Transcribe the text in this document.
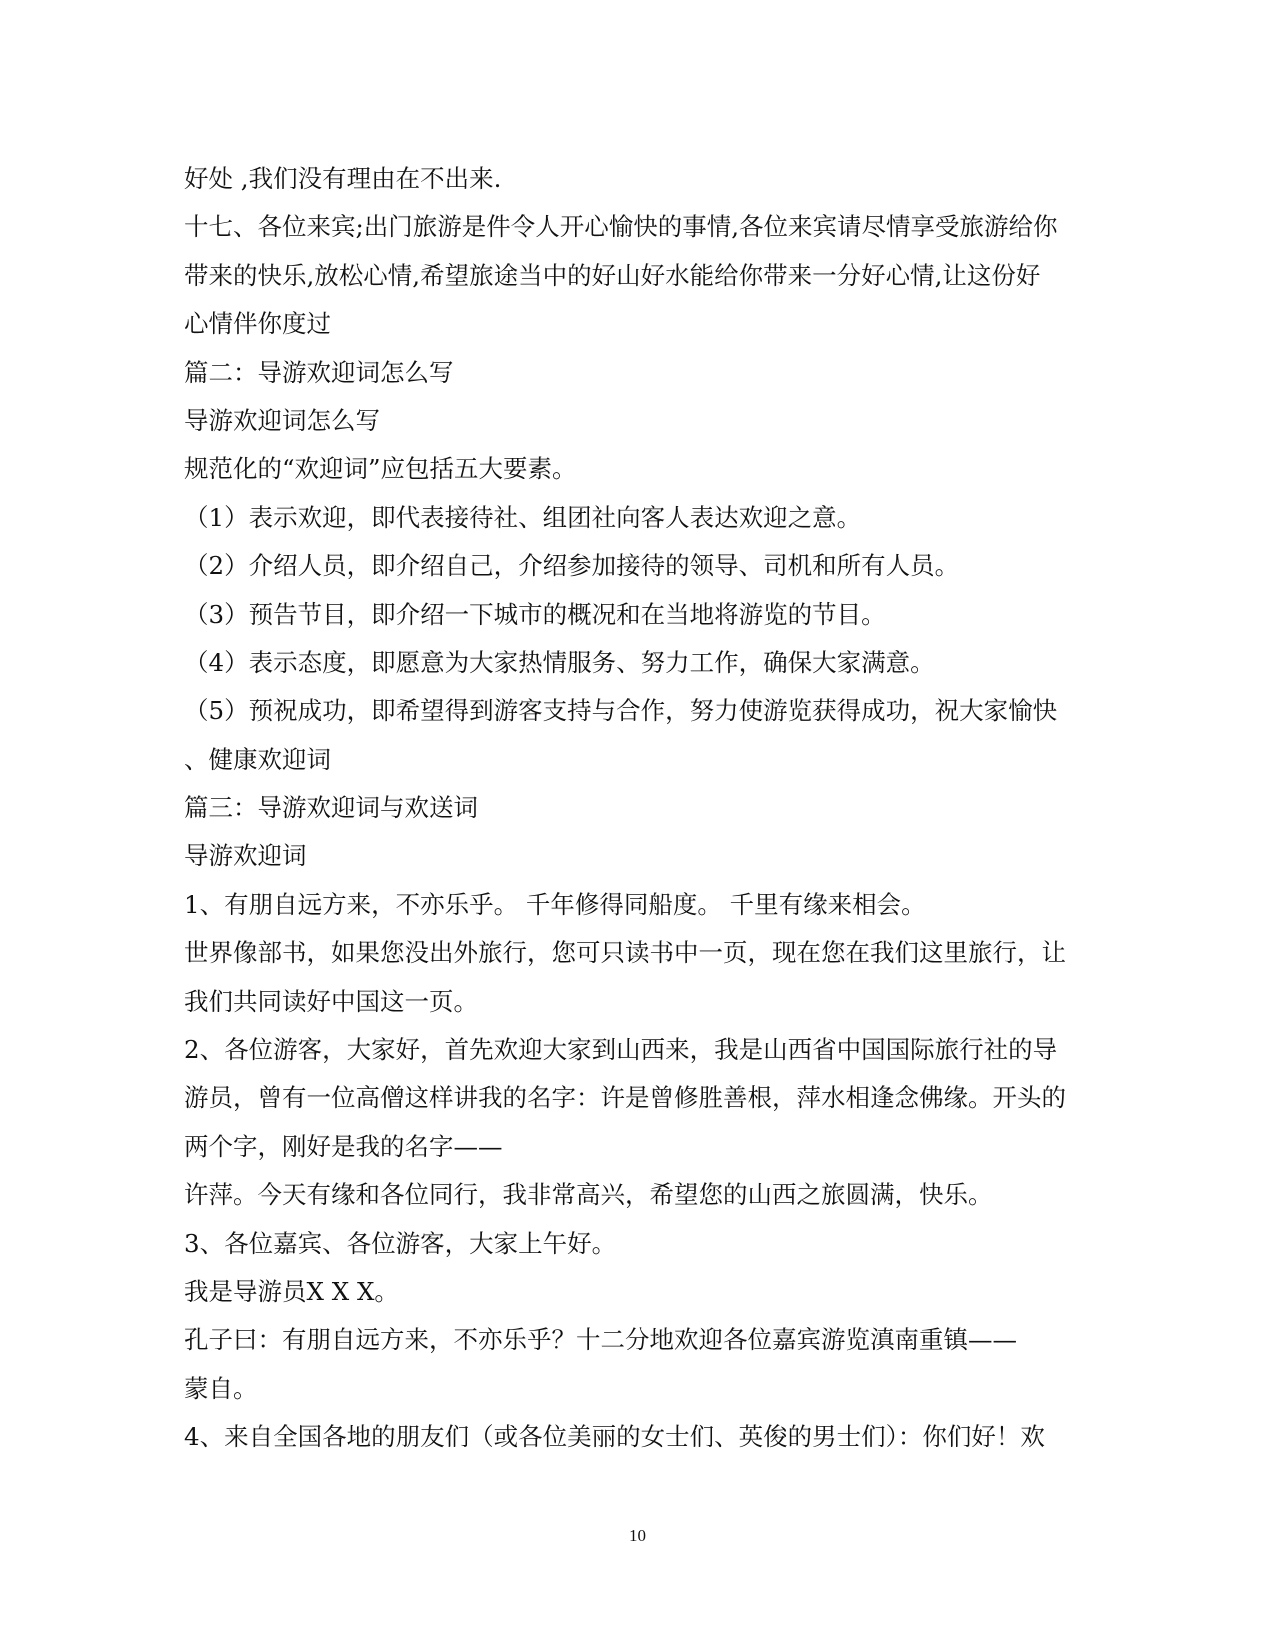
好处 ,我们没有理由在不出来.
十七、各位来宾;出门旅游是件令人开心愉快的事情,各位来宾请尽情享受旅游给你
带来的快乐,放松心情,希望旅途当中的好山好水能给你带来一分好心情,让这份好
心情伴你度过
篇二：导游欢迎词怎么写
导游欢迎词怎么写
规范化的“欢迎词”应包括五大要素。
（1）表示欢迎，即代表接待社、组团社向客人表达欢迎之意。
（2）介绍人员，即介绍自己，介绍参加接待的领导、司机和所有人员。
（3）预告节目，即介绍一下城市的概况和在当地将游览的节目。
（4）表示态度，即愿意为大家热情服务、努力工作，确保大家满意。
（5）预祝成功，即希望得到游客支持与合作，努力使游览获得成功，祝大家愉快
、健康欢迎词
篇三：导游欢迎词与欢送词
导游欢迎词
1、有朋自远方来，不亦乐乎。 千年修得同船度。 千里有缘来相会。
世界像部书，如果您没出外旅行，您可只读书中一页，现在您在我们这里旅行，让
我们共同读好中国这一页。
2、各位游客，大家好，首先欢迎大家到山西来，我是山西省中国国际旅行社的导
游员，曾有一位高僧这样讲我的名字：许是曾修胜善根，萍水相逢念佛缘。开头的
两个字，刚好是我的名字——
许萍。今天有缘和各位同行，我非常高兴，希望您的山西之旅圆满，快乐。
3、各位嘉宾、各位游客，大家上午好。
我是导游员X X X。
孔子曰：有朋自远方来，不亦乐乎？十二分地欢迎各位嘉宾游览滇南重镇——
蒙自。
4、来自全国各地的朋友们（或各位美丽的女士们、英俊的男士们）：你们好！欢
10
